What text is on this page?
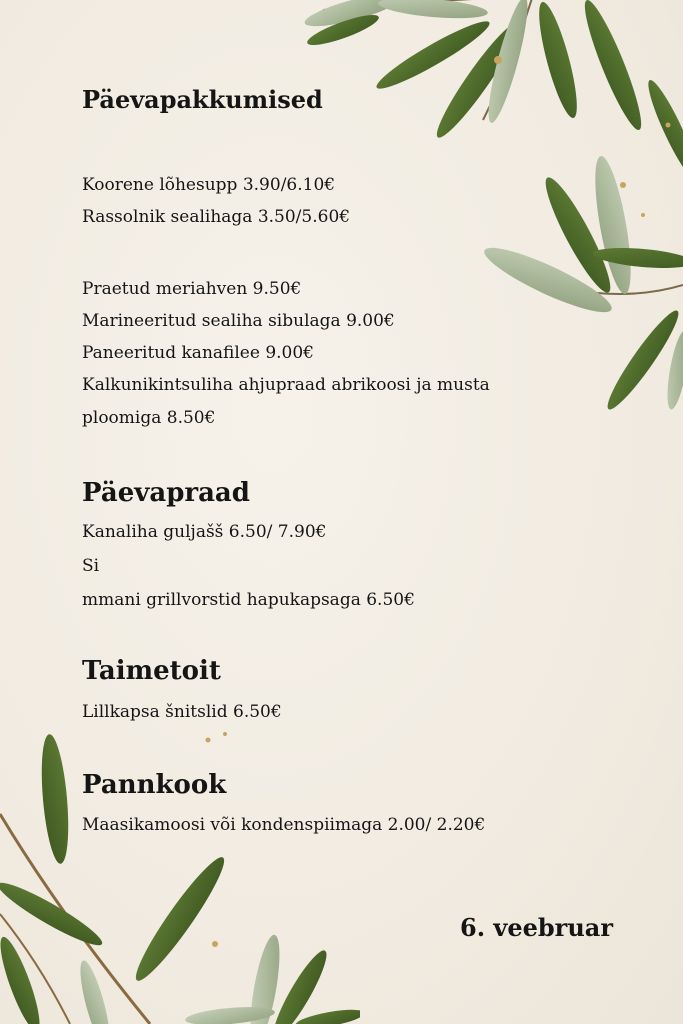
Päevapakkumised
Koorene lõhesupp 3.90/6.10€
Rassolnik sealihaga 3.50/5.60€
Praetud meriahven 9.50€
Marineeritud sealiha sibulaga 9.00€
Paneeritud kanafilee 9.00€
Kalkunikintsuliha ahjupraad abrikoosi ja musta
ploomiga 8.50€
Päevapraad
Kanaliha guljašš 6.50/ 7.90€
Si
mmani grillvorstid hapukapsaga 6.50€
Taimetoit
Lillkapsa šnitslid 6.50€
Pannkook
Maasikamoosi või kondenspiimaga 2.00/ 2.20€
6. veebruar
